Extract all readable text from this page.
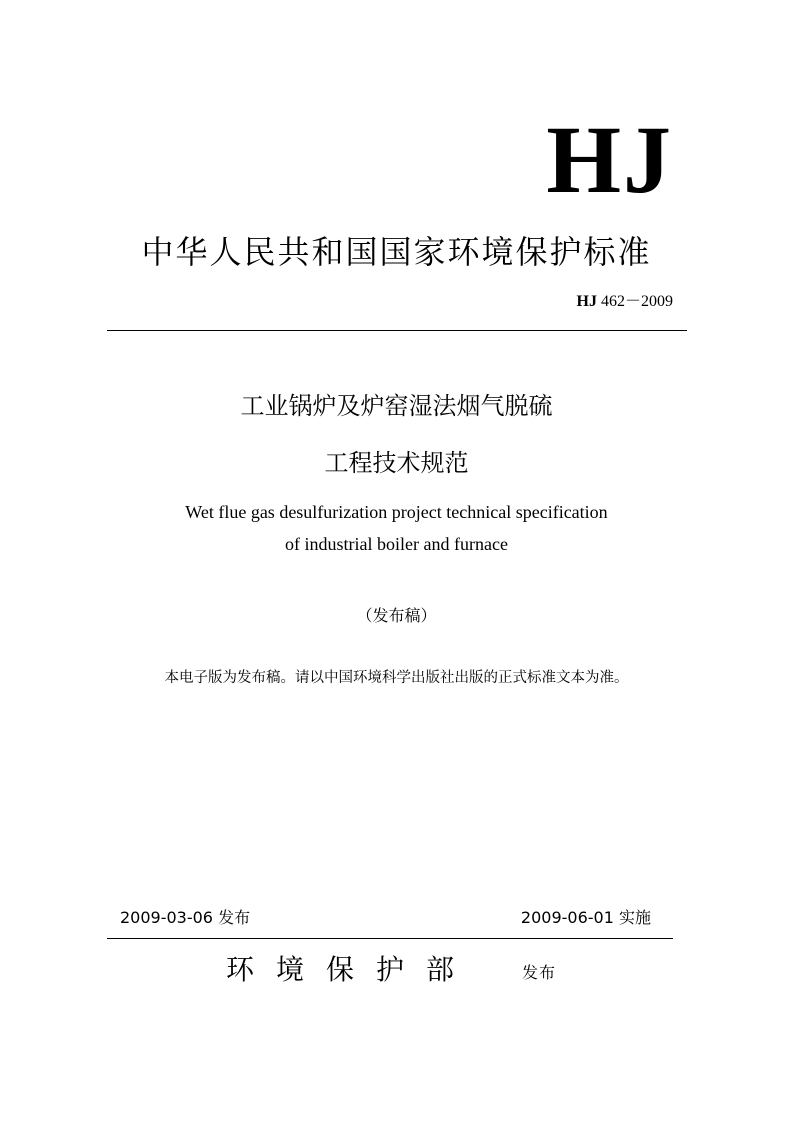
HJ
中华人民共和国国家环境保护标准
HJ 462－2009
工业锅炉及炉窑湿法烟气脱硫
工程技术规范
Wet flue gas desulfurization project technical specification
of industrial boiler and furnace
（发布稿）
本电子版为发布稿。请以中国环境科学出版社出版的正式标准文本为准。
2009-03-06 发布	2009-06-01 实施
环境保护部	发布
